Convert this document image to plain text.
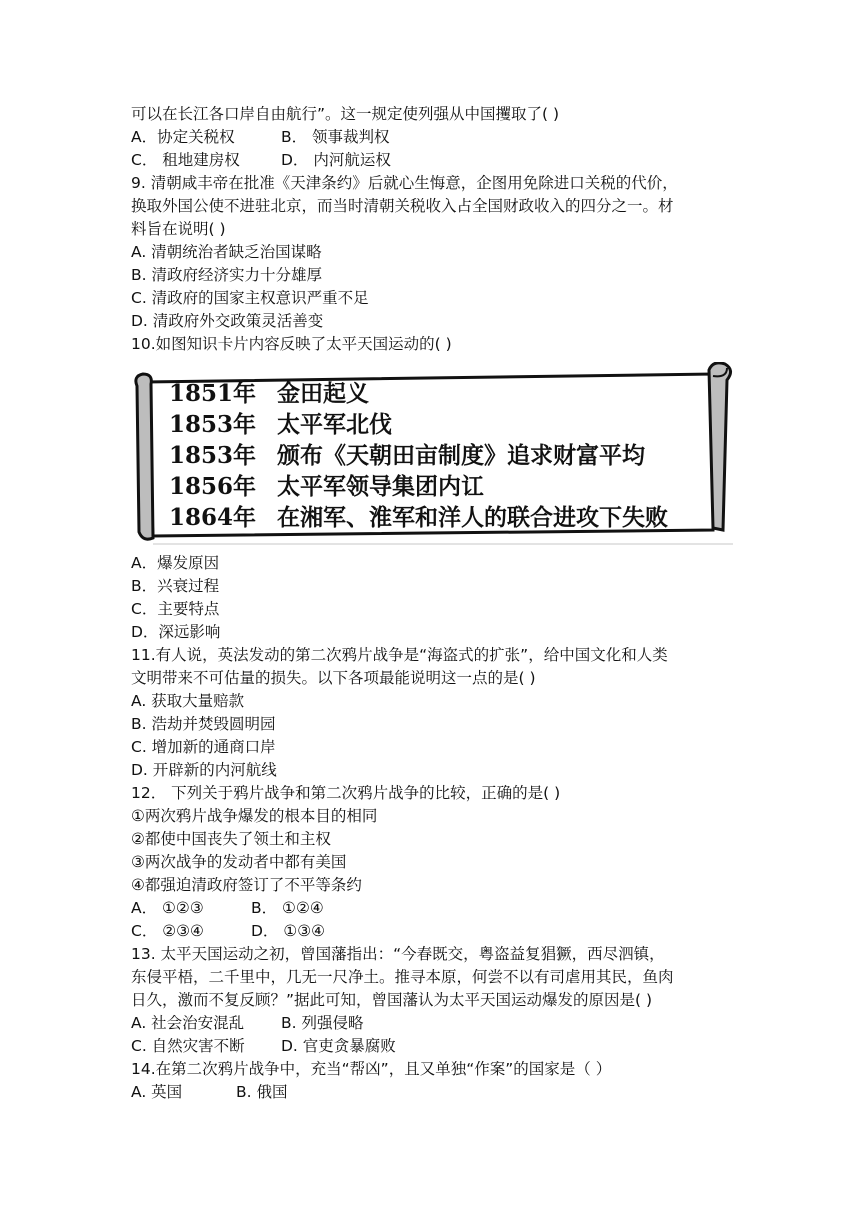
可以在长江各口岸自由航行”。这一规定使列强从中国攫取了( )
A．协定关税权	B． 领事裁判权
C． 租地建房权	D． 内河航运权
9. 清朝咸丰帝在批准《天津条约》后就心生悔意，企图用免除进口关税的代价，
换取外国公使不进驻北京，而当时清朝关税收入占全国财政收入的四分之一。材
料旨在说明( )
A. 清朝统治者缺乏治国谋略
B. 清政府经济实力十分雄厚
C. 清政府的国家主权意识严重不足
D. 清政府外交政策灵活善变
10.如图知识卡片内容反映了太平天国运动的( )
1851年 金田起义
1853年 太平军北伐
1853年 颁布《天朝田亩制度》追求财富平均
1856年 太平军领导集团内讧
1864年 在湘军、淮军和洋人的联合进攻下失败
A．爆发原因
B．兴衰过程
C．主要特点
D．深远影响
11.有人说，英法发动的第二次鸦片战争是“海盗式的扩张”，给中国文化和人类
文明带来不可估量的损失。以下各项最能说明这一点的是( )
A. 获取大量赔款
B. 浩劫并焚毁圆明园
C. 增加新的通商口岸
D. 开辟新的内河航线
12． 下列关于鸦片战争和第二次鸦片战争的比较，正确的是( )
①两次鸦片战争爆发的根本目的相同
②都使中国丧失了领土和主权
③两次战争的发动者中都有美国
④都强迫清政府签订了不平等条约
A． ①②③	B． ①②④
C． ②③④	D． ①③④
13. 太平天国运动之初，曾国藩指出：“今春既交，粤盗益复猖獗，西尽泗镇，
东侵平梧，二千里中，几无一尺净土。推寻本原，何尝不以有司虐用其民，鱼肉
日久，激而不复反顾？”据此可知，曾国藩认为太平天国运动爆发的原因是( )
A. 社会治安混乱	B. 列强侵略
C. 自然灾害不断	D. 官吏贪暴腐败
14.在第二次鸦片战争中，充当“帮凶”，且又单独“作案”的国家是（ ）
A. 英国	B. 俄国
